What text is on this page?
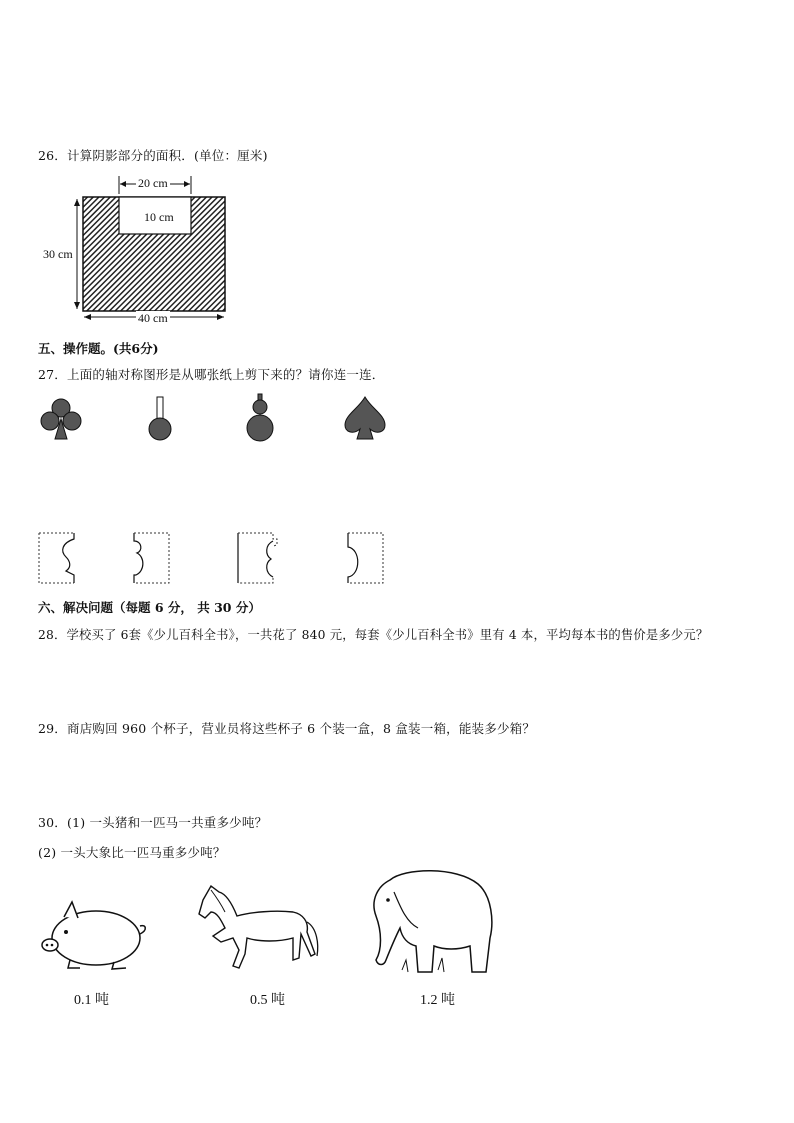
26．计算阴影部分的面积．(单位：厘米)
20 cm
10 cm
30 cm
40 cm
五、操作题。(共6分)
27．上面的轴对称图形是从哪张纸上剪下来的？请你连一连．
六、解决问题（每题 6 分， 共 30 分）
28．学校买了 6套《少儿百科全书》，一共花了 840 元，每套《少儿百科全书》里有 4 本，平均每本书的售价是多少元？
29．商店购回 960 个杯子，营业员将这些杯子 6 个装一盒，8 盒装一箱，能装多少箱？
30．(1) 一头猪和一匹马一共重多少吨？
(2) 一头大象比一匹马重多少吨？
0.1 吨	0.5 吨	1.2 吨
